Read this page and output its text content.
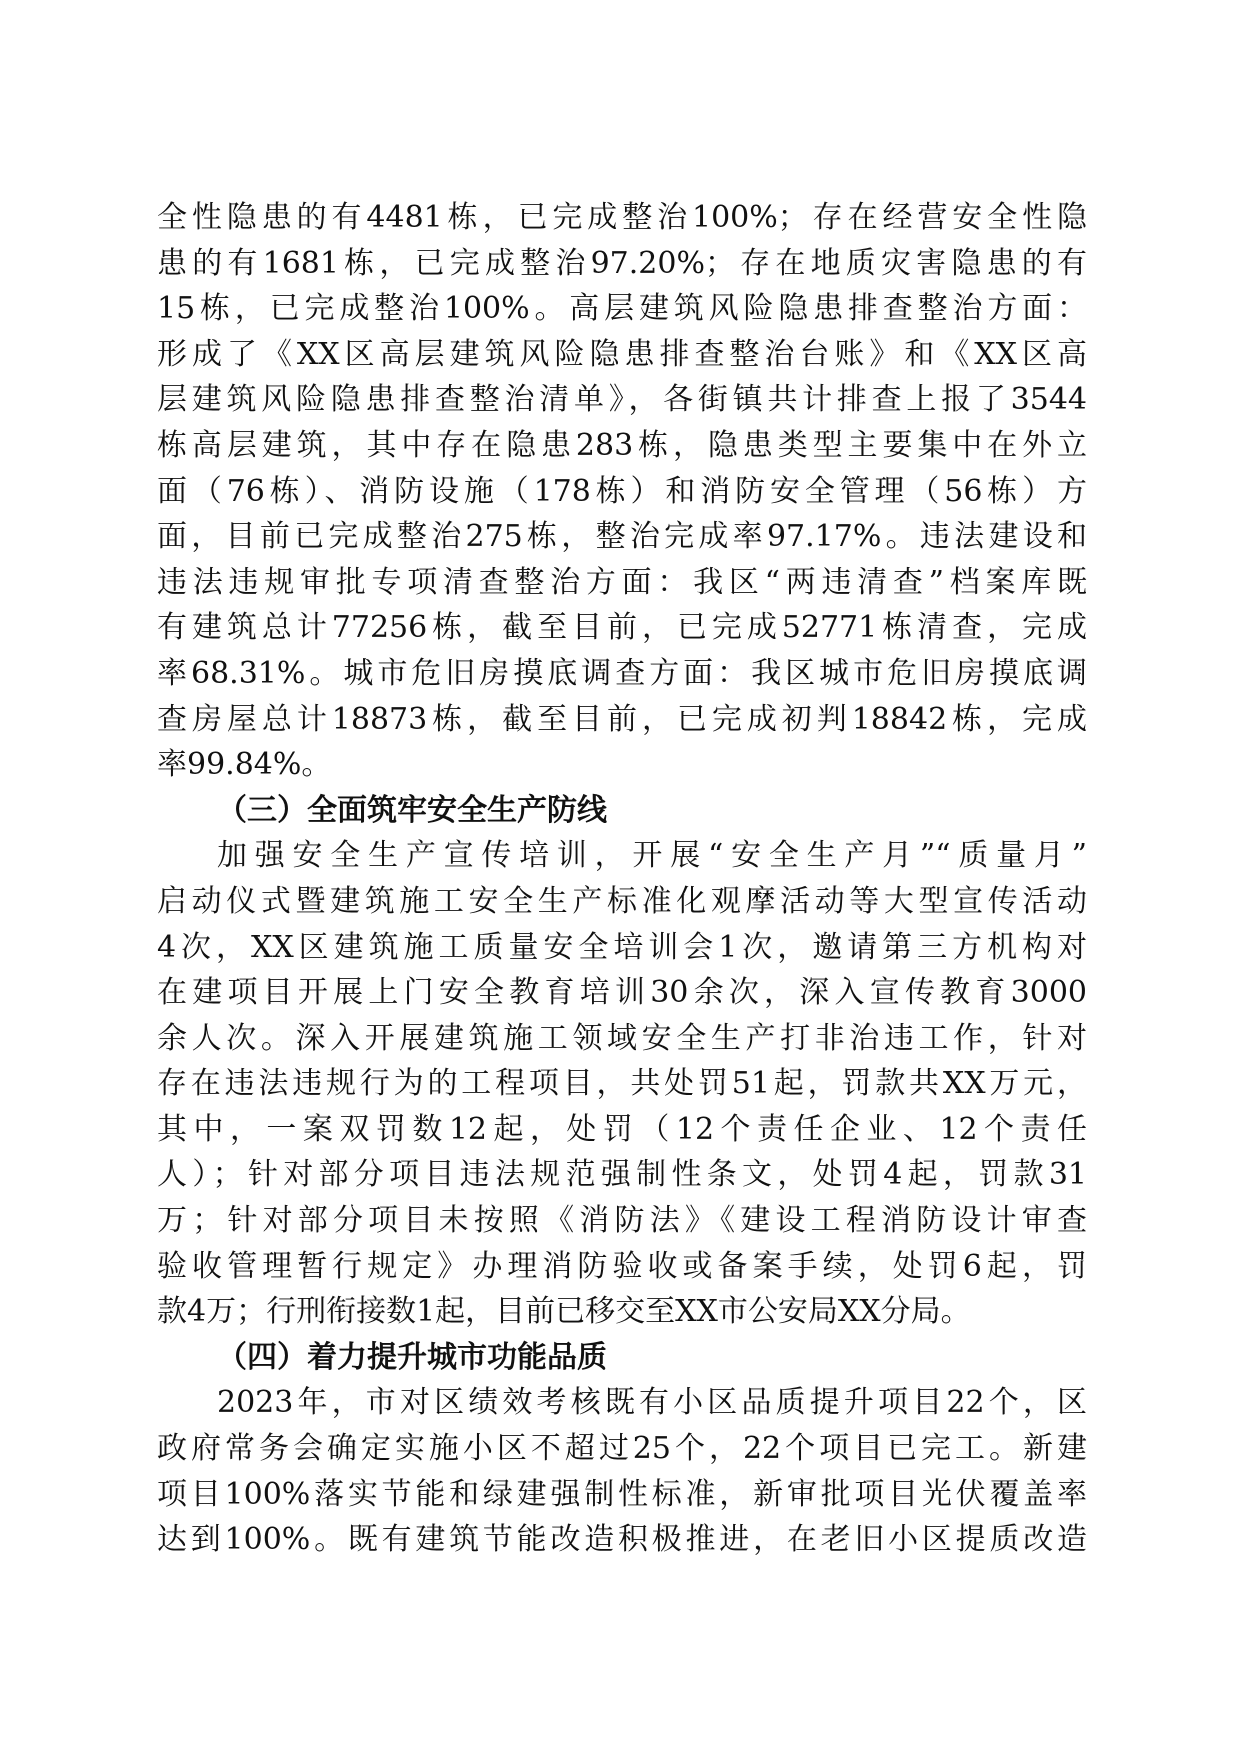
全性隐患的有4481栋，已完成整治100%；存在经营安全性隐
患的有1681栋，已完成整治97.20%；存在地质灾害隐患的有
15栋，已完成整治100%。高层建筑风险隐患排查整治方面：
形成了《XX区高层建筑风险隐患排查整治台账》和《XX区高
层建筑风险隐患排查整治清单》，各街镇共计排查上报了3544
栋高层建筑，其中存在隐患283栋，隐患类型主要集中在外立
面（76栋）、消防设施（178栋）和消防安全管理（56栋）方
面，目前已完成整治275栋，整治完成率97.17%。违法建设和
违法违规审批专项清查整治方面：我区“两违清查”档案库既
有建筑总计77256栋，截至目前，已完成52771栋清查，完成
率68.31%。城市危旧房摸底调查方面：我区城市危旧房摸底调
查房屋总计18873栋，截至目前，已完成初判18842栋，完成
率99.84%。
（三）全面筑牢安全生产防线
加强安全生产宣传培训，开展“安全生产月”“质量月”
启动仪式暨建筑施工安全生产标准化观摩活动等大型宣传活动
4次，XX区建筑施工质量安全培训会1次，邀请第三方机构对
在建项目开展上门安全教育培训30余次，深入宣传教育3000
余人次。深入开展建筑施工领域安全生产打非治违工作，针对
存在违法违规行为的工程项目，共处罚51起，罚款共XX万元，
其中，一案双罚数12起，处罚（12个责任企业、12个责任
人）；针对部分项目违法规范强制性条文，处罚4起，罚款31
万；针对部分项目未按照《消防法》《建设工程消防设计审查
验收管理暂行规定》办理消防验收或备案手续，处罚6起，罚
款4万；行刑衔接数1起，目前已移交至XX市公安局XX分局。
（四）着力提升城市功能品质
2023年，市对区绩效考核既有小区品质提升项目22个，区
政府常务会确定实施小区不超过25个，22个项目已完工。新建
项目100%落实节能和绿建强制性标准，新审批项目光伏覆盖率
达到100%。既有建筑节能改造积极推进，在老旧小区提质改造
